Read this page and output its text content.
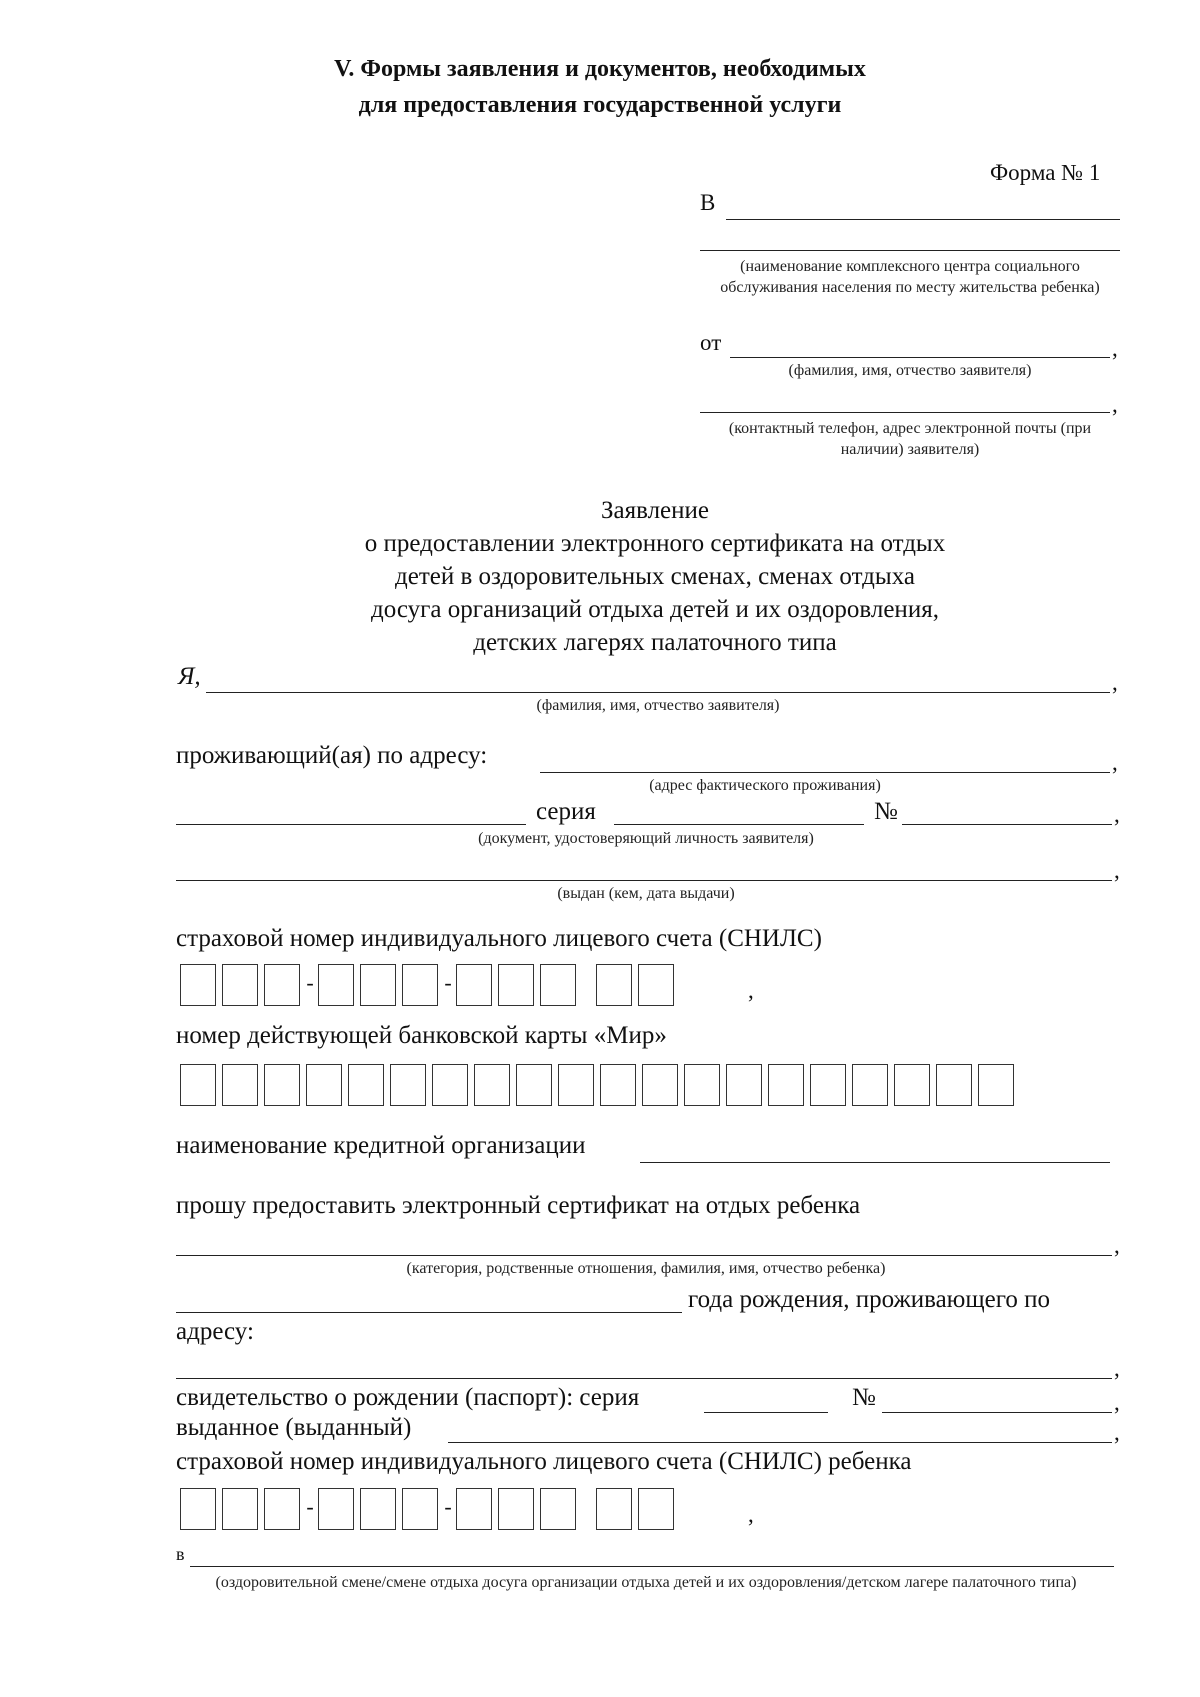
V. Формы заявления и документов, необходимых
для предоставления государственной услуги
Форма № 1
В
(наименование комплексного центра социального обслуживания населения по месту жительства ребенка)
от	,
(фамилия, имя, отчество заявителя)
,
(контактный телефон, адрес электронной почты (при наличии) заявителя)
Заявление
о предоставлении электронного сертификата на отдых
детей в оздоровительных сменах, сменах отдыха
досуга организаций отдыха детей и их оздоровления,
детских лагерях палаточного типа
Я,	,
(фамилия, имя, отчество заявителя)
проживающий(ая) по адресу:	,
(адрес фактического проживания)
серия	№	,
(документ, удостоверяющий личность заявителя)
,
(выдан (кем, дата выдачи)
страховой номер индивидуального лицевого счета (СНИЛС)
-	-	,
номер действующей банковской карты «Мир»
наименование кредитной организации
прошу предоставить электронный сертификат на отдых ребенка
,
(категория, родственные отношения, фамилия, имя, отчество ребенка)
года рождения, проживающего по
адресу:
,
свидетельство о рождении (паспорт): серия	№	,
выданное (выданный)	,
страховой номер индивидуального лицевого счета (СНИЛС) ребенка
-	-	,
в
(оздоровительной смене/смене отдыха досуга организации отдыха детей и их оздоровления/детском лагере палаточного типа)
